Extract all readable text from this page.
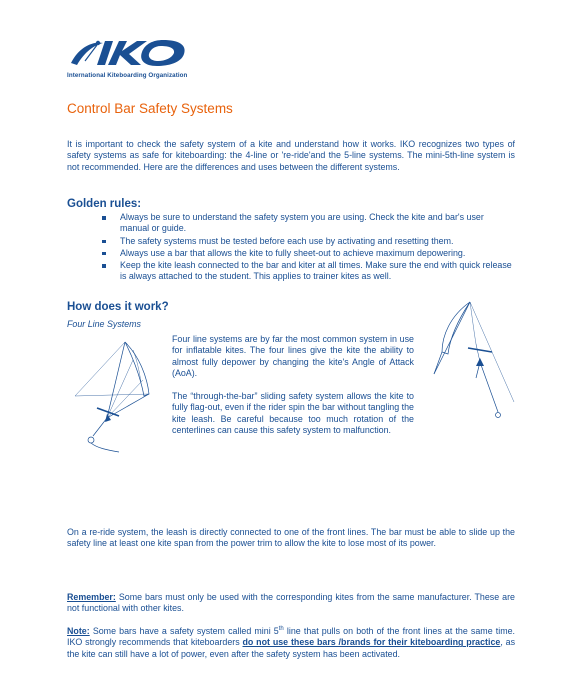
International Kiteboarding Organization
Control Bar Safety Systems
It is important to check the safety system of a kite and understand how it works. IKO recognizes two types of safety systems as safe for kiteboarding: the 4-line or 're-ride'and the 5-line systems. The mini-5th-line system is not recommended. Here are the differences and uses between the different systems.
Golden rules:
Always be sure to understand the safety system you are using. Check the kite and bar's user manual or guide.
The safety systems must be tested before each use by activating and resetting them.
Always use a bar that allows the kite to fully sheet-out to achieve maximum depowering.
Keep the kite leash connected to the bar and kiter at all times. Make sure the end with quick release is always attached to the student. This applies to trainer kites as well.
How does it work?
Four Line Systems
Four line systems are by far the most common system in use for inflatable kites. The four lines give the kite the ability to almost fully depower by changing the kite's Angle of Attack (AoA).
The “through-the-bar” sliding safety system allows the kite to fully flag-out, even if the rider spin the bar without tangling the kite leash. Be careful because too much rotation of the centerlines can cause this safety system to malfunction.
On a re-ride system, the leash is directly connected to one of the front lines. The bar must be able to slide up the safety line at least one kite span from the power trim to allow the kite to lose most of its power.
Remember: Some bars must only be used with the corresponding kites from the same manufacturer. These are not functional with other kites.
Note: Some bars have a safety system called mini 5th line that pulls on both of the front lines at the same time. IKO strongly recommends that kiteboarders do not use these bars /brands for their kiteboarding practice, as the kite can still have a lot of power, even after the safety system has been activated.
